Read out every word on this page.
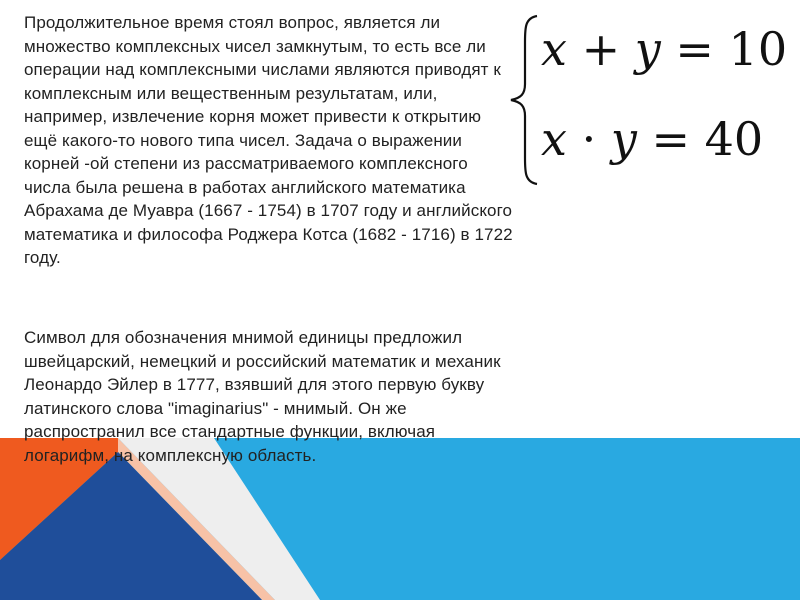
Продолжительное время стоял вопрос, является ли множество комплексных чисел замкнутым, то есть все ли операции над комплексными числами являются приводят к комплексным или вещественным результатам, или, например, извлечение корня может привести к открытию ещё какого-то нового типа чисел. Задача о выражении корней -ой степени из рассматриваемого комплексного числа была решена в работах английского математика Абрахама де Муавра (1667 - 1754) в 1707 году и английского математика и философа Роджера Котса (1682 - 1716) в 1722 году.

Символ для обозначения мнимой единицы предложил швейцарский, немецкий и российский математик и механик Леонардо Эйлер в 1777, взявший для этого первую букву латинского слова "imaginarius" - мнимый. Он же распространил все стандартные функции, включая логарифм, на комплексную область.

x + y = 10
x · y = 40
